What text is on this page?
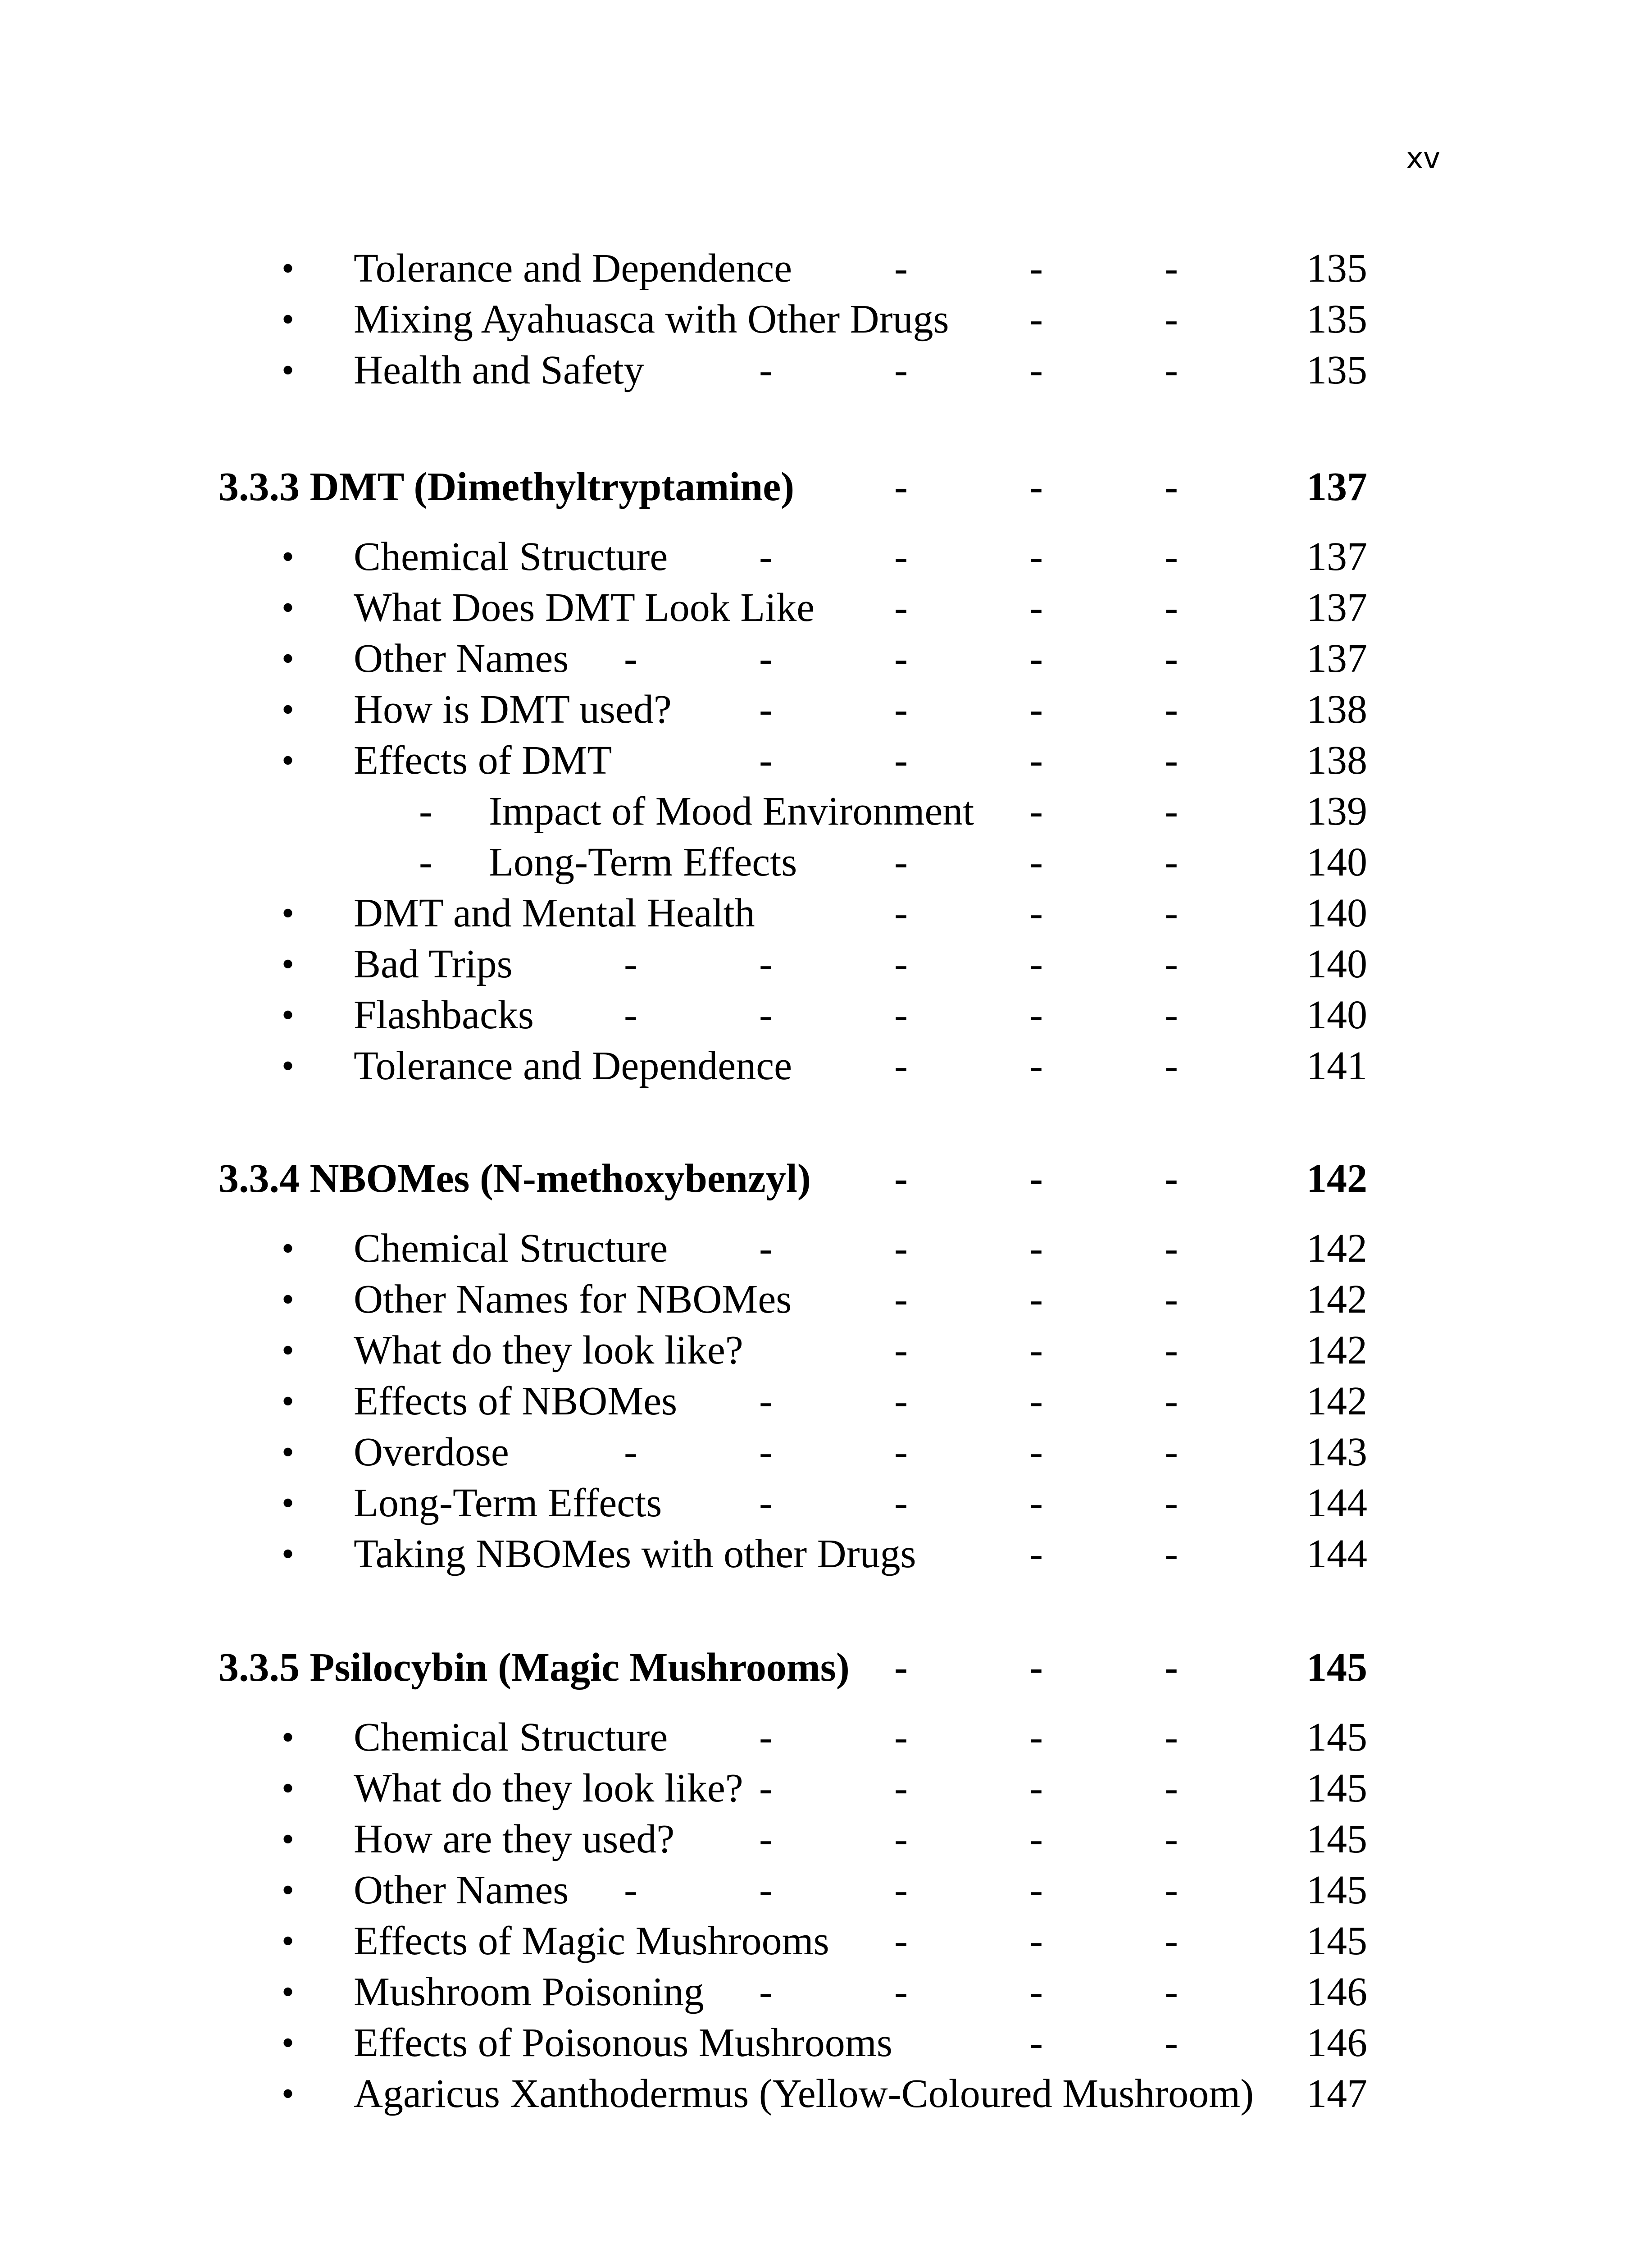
xv
• Tolerance and Dependence	-	-	-	135
• Mixing Ayahuasca with Other Drugs -	-	135
• Health and Safety	-	-	-	-	135
3.3.3 DMT (Dimethyltryptamine) -	-	-	137
• Chemical Structure -	-	-	-	137
• What Does DMT Look Like -	-	-	137
• Other Names -	-	-	-	-	137
• How is DMT used? -	-	-	-	138
• Effects of DMT	-	-	-	-	138
- Impact of Mood Environment -	-	139
- Long-Term Effects -	-	-	140
• DMT and Mental Health	-	-	-	140
• Bad Trips	-	-	-	-	-	140
• Flashbacks -	-	-	-	-	140
• Tolerance and Dependence	-	-	-	141
3.3.4 NBOMes (N-methoxybenzyl) -	-	-	142
• Chemical Structure -	-	-	-	142
• Other Names for NBOMes	-	-	-	142
• What do they look like?	-	-	-	142
• Effects of NBOMes -	-	-	-	142
• Overdose	-	-	-	-	-	143
• Long-Term Effects -	-	-	-	144
• Taking NBOMes with other Drugs	-	-	144
3.3.5 Psilocybin (Magic Mushrooms) -	-	-	145
• Chemical Structure -	-	-	-	145
• What do they look like? -	-	-	-	145
• How are they used? -	-	-	-	145
• Other Names -	-	-	-	-	145
• Effects of Magic Mushrooms -	-	-	145
• Mushroom Poisoning -	-	-	-	146
• Effects of Poisonous Mushrooms	-	-	146
• Agaricus Xanthodermus (Yellow-Coloured Mushroom) 147
